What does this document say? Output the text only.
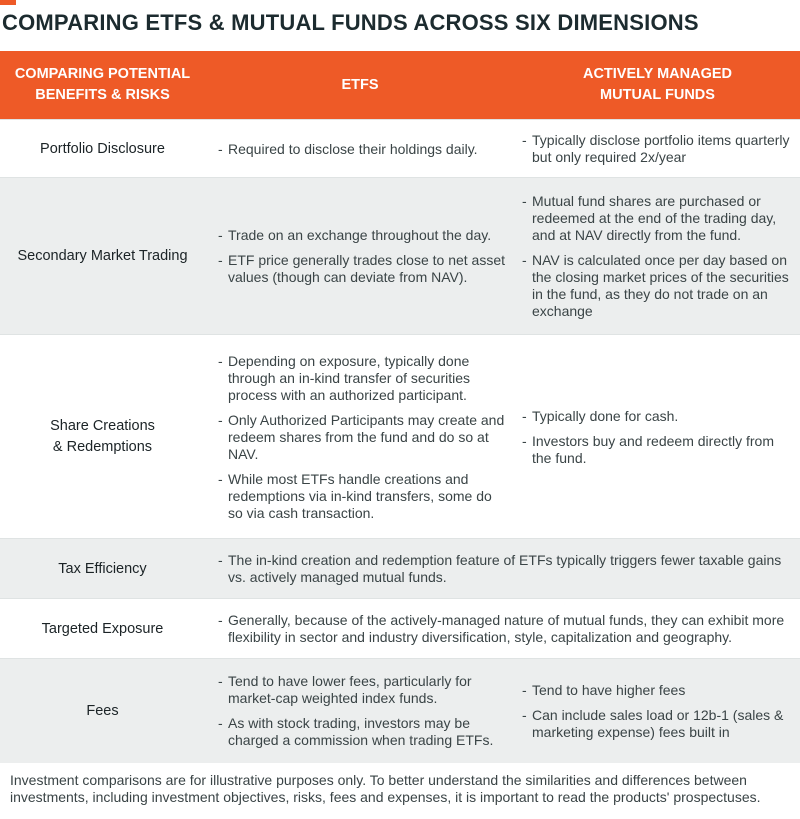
COMPARING ETFS & MUTUAL FUNDS ACROSS SIX DIMENSIONS
COMPARING POTENTIAL
BENEFITS & RISKS
ETFS
ACTIVELY MANAGED
MUTUAL FUNDS
Portfolio Disclosure

-	Required to disclose their holdings daily.

- Typically disclose portfolio items quarterly but only required 2x/year

Secondary Market Trading

- Trade on an exchange throughout the day.

- ETF price generally trades close to net asset values (though can deviate from NAV).

- Mutual fund shares are purchased or redeemed at the end of the trading day, and at NAV directly from the fund.

- NAV is calculated once per day based on the closing market prices of the securities in the fund, as they do not trade on an exchange

Share Creations
& Redemptions

- Depending on exposure, typically done through an in-kind transfer of securities process with an authorized participant.

- Only Authorized Participants may create and redeem shares from the fund and do so at NAV.

- While most ETFs handle creations and redemptions via in-kind transfers, some do so via cash transaction.

- Typically done for cash.

- Investors buy and redeem directly from the fund.

Tax Efficiency

- The in-kind creation and redemption feature of ETFs typically triggers fewer taxable gains vs. actively managed mutual funds.

Targeted Exposure

- Generally, because of the actively-managed nature of mutual funds, they can exhibit more flexibility in sector and industry diversification, style, capitalization and geography.

Fees

- Tend to have lower fees, particularly for market-cap weighted index funds.

- As with stock trading, investors may be charged a commission when trading ETFs.

- Tend to have higher fees

- Can include sales load or 12b-1 (sales & marketing expense) fees built in

Investment comparisons are for illustrative purposes only. To better understand the similarities and differences between investments, including investment objectives, risks, fees and expenses, it is important to read the products' prospectuses.
